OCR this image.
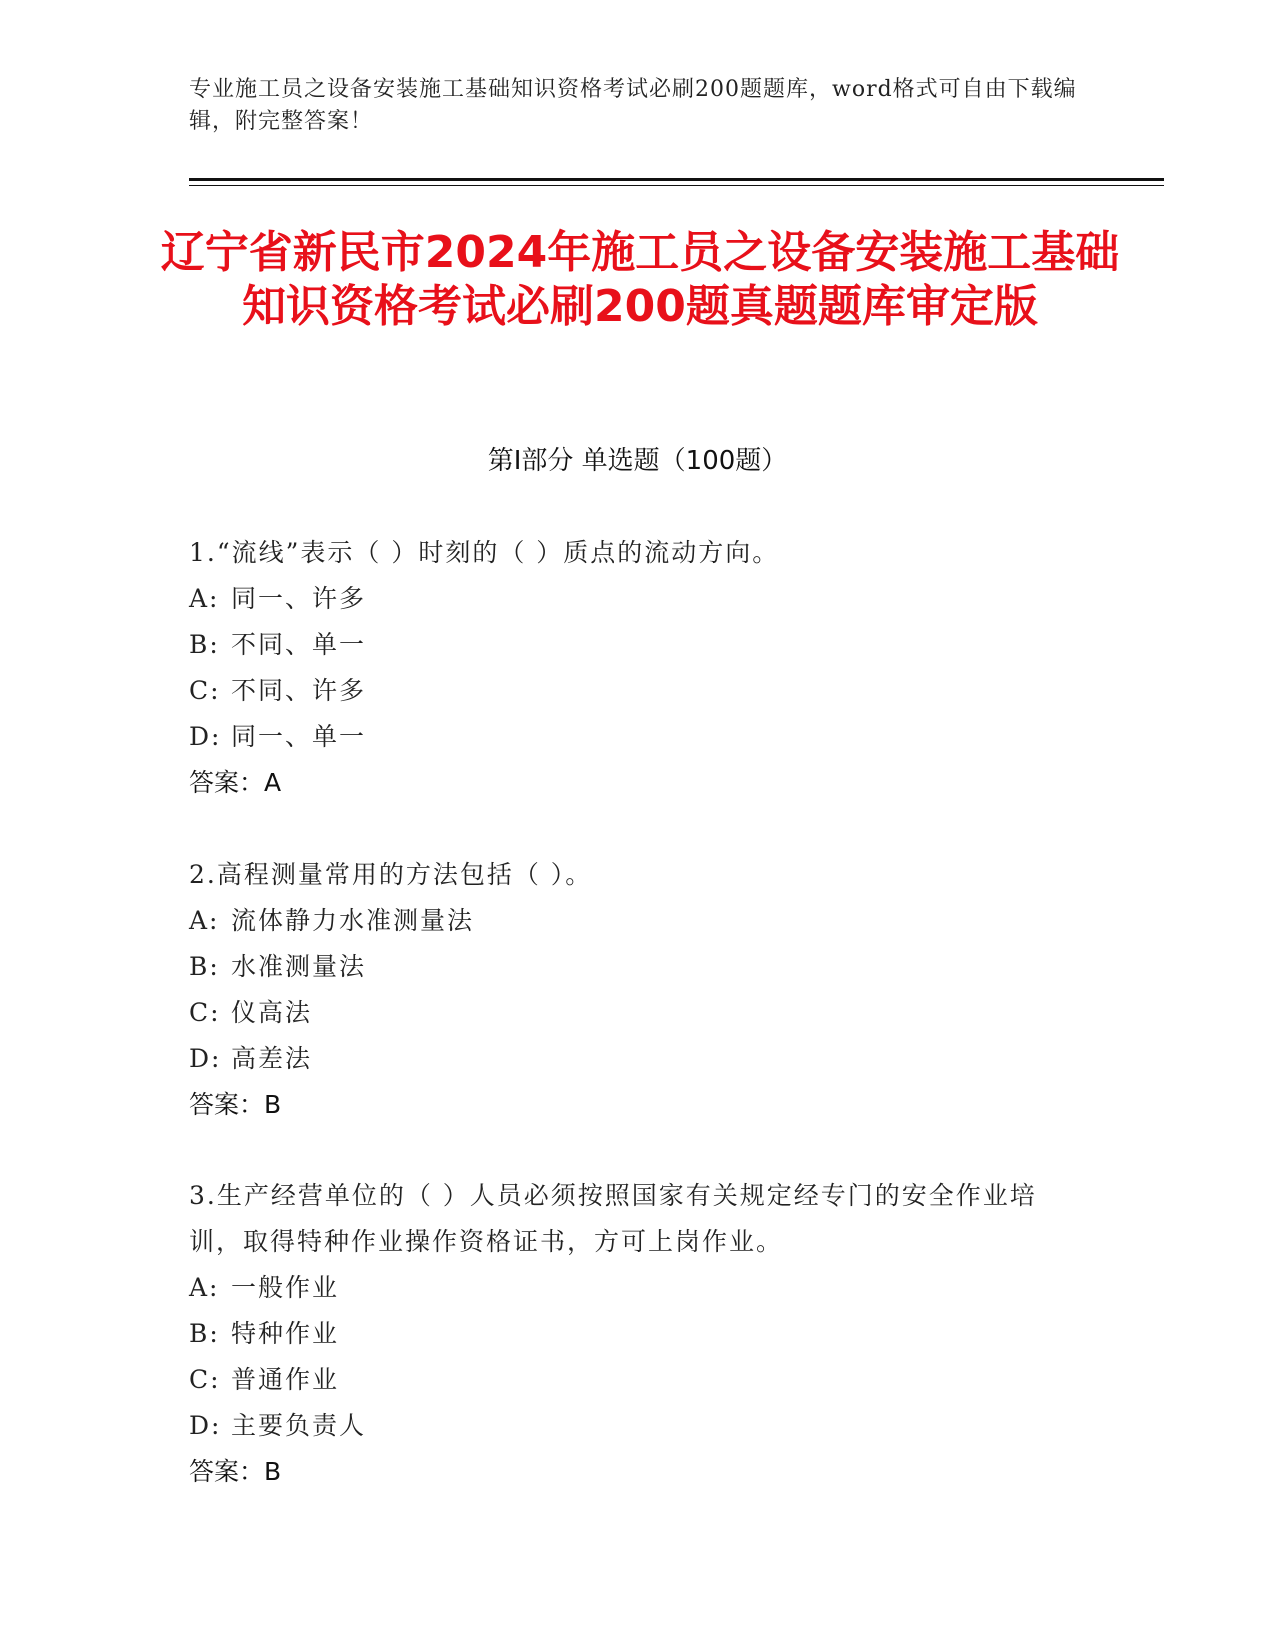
专业施工员之设备安装施工基础知识资格考试必刷200题题库，word格式可自由下载编辑，附完整答案！
辽宁省新民市2024年施工员之设备安装施工基础知识资格考试必刷200题真题题库审定版
第I部分 单选题（100题）
1.“流线”表示（ ）时刻的（ ）质点的流动方向。
A: 同一、许多
B: 不同、单一
C: 不同、许多
D: 同一、单一
答案：A
2.高程测量常用的方法包括（ ）。
A: 流体静力水准测量法
B: 水准测量法
C: 仪高法
D: 高差法
答案：B
3.生产经营单位的（ ）人员必须按照国家有关规定经专门的安全作业培训，取得特种作业操作资格证书，方可上岗作业。
A: 一般作业
B: 特种作业
C: 普通作业
D: 主要负责人
答案：B
